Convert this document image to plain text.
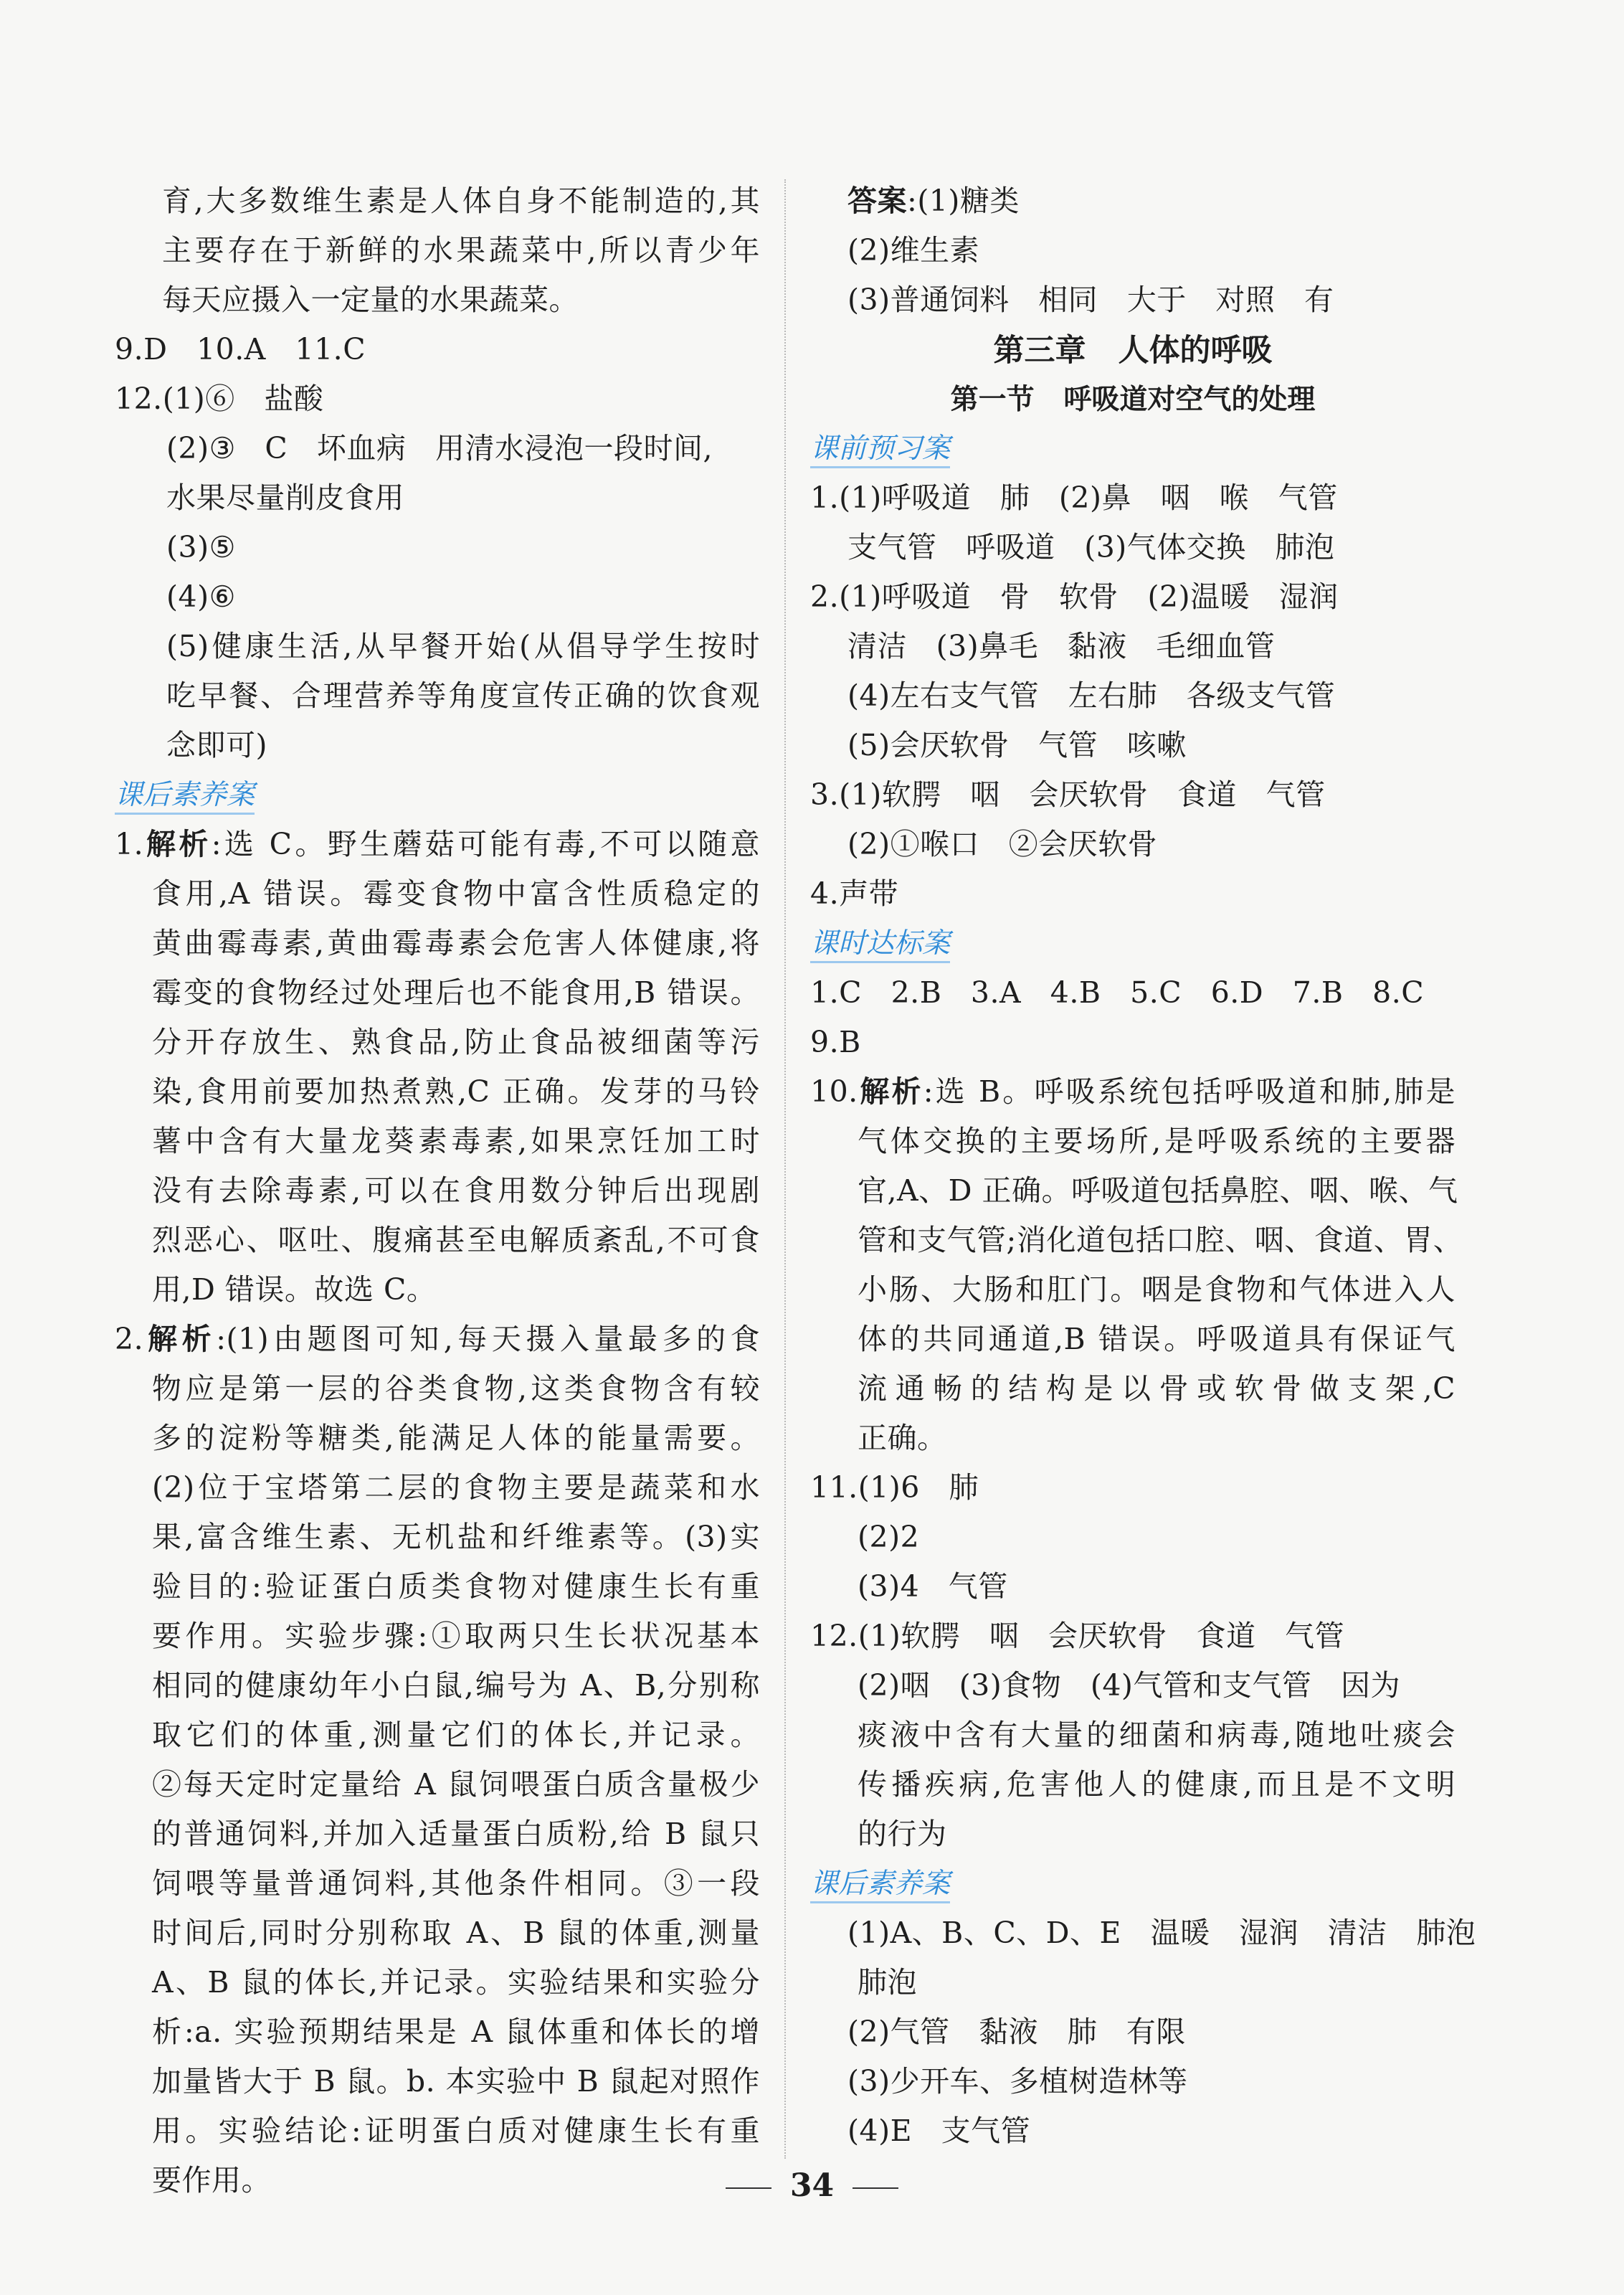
育,大多数维生素是人体自身不能制造的,其

主要存在于新鲜的水果蔬菜中,所以青少年

每天应摄入一定量的水果蔬菜。

9.D   10.A   11.C

12.(1)⑥   盐酸

(2)③   C   坏血病   用清水浸泡一段时间,

水果尽量削皮食用

(3)⑤

(4)⑥

(5)健康生活,从早餐开始(从倡导学生按时

吃早餐、合理营养等角度宣传正确的饮食观

念即可)

课后素养案

1.解析:选 C。野生蘑菇可能有毒,不可以随意

食用,A 错误。霉变食物中富含性质稳定的

黄曲霉毒素,黄曲霉毒素会危害人体健康,将

霉变的食物经过处理后也不能食用,B 错误。

分开存放生、熟食品,防止食品被细菌等污

染,食用前要加热煮熟,C 正确。发芽的马铃

薯中含有大量龙葵素毒素,如果烹饪加工时

没有去除毒素,可以在食用数分钟后出现剧

烈恶心、呕吐、腹痛甚至电解质紊乱,不可食

用,D 错误。故选 C。

2.解析:(1)由题图可知,每天摄入量最多的食

物应是第一层的谷类食物,这类食物含有较

多的淀粉等糖类,能满足人体的能量需要。

(2)位于宝塔第二层的食物主要是蔬菜和水

果,富含维生素、无机盐和纤维素等。(3)实

验目的:验证蛋白质类食物对健康生长有重

要作用。实验步骤:①取两只生长状况基本

相同的健康幼年小白鼠,编号为 A、B,分别称

取它们的体重,测量它们的体长,并记录。

②每天定时定量给 A 鼠饲喂蛋白质含量极少

的普通饲料,并加入适量蛋白质粉,给 B 鼠只

饲喂等量普通饲料,其他条件相同。③一段

时间后,同时分别称取 A、B 鼠的体重,测量

A、B 鼠的体长,并记录。实验结果和实验分

析:a. 实验预期结果是 A 鼠体重和体长的增

加量皆大于 B 鼠。b. 本实验中 B 鼠起对照作

用。实验结论:证明蛋白质对健康生长有重

要作用。

答案:(1)糖类

(2)维生素

(3)普通饲料   相同   大于   对照   有

第三章   人体的呼吸

第一节   呼吸道对空气的处理

课前预习案

1.(1)呼吸道   肺   (2)鼻   咽   喉   气管

支气管   呼吸道   (3)气体交换   肺泡

2.(1)呼吸道   骨   软骨   (2)温暖   湿润

清洁   (3)鼻毛   黏液   毛细血管

(4)左右支气管   左右肺   各级支气管

(5)会厌软骨   气管   咳嗽

3.(1)软腭   咽   会厌软骨   食道   气管

(2)①喉口   ②会厌软骨

4.声带

课时达标案

1.C   2.B   3.A   4.B   5.C   6.D   7.B   8.C

9.B

10.解析:选 B。呼吸系统包括呼吸道和肺,肺是

气体交换的主要场所,是呼吸系统的主要器

官,A、D 正确。呼吸道包括鼻腔、咽、喉、气

管和支气管;消化道包括口腔、咽、食道、胃、

小肠、大肠和肛门。咽是食物和气体进入人

体的共同通道,B 错误。呼吸道具有保证气

流通畅的结构是以骨或软骨做支架,C

正确。

11.(1)6   肺

(2)2

(3)4   气管

12.(1)软腭   咽   会厌软骨   食道   气管

(2)咽   (3)食物   (4)气管和支气管   因为

痰液中含有大量的细菌和病毒,随地吐痰会

传播疾病,危害他人的健康,而且是不文明

的行为

课后素养案

(1)A、B、C、D、E   温暖   湿润   清洁   肺泡

肺泡

(2)气管   黏液   肺   有限

(3)少开车、多植树造林等

(4)E   支气管

34
